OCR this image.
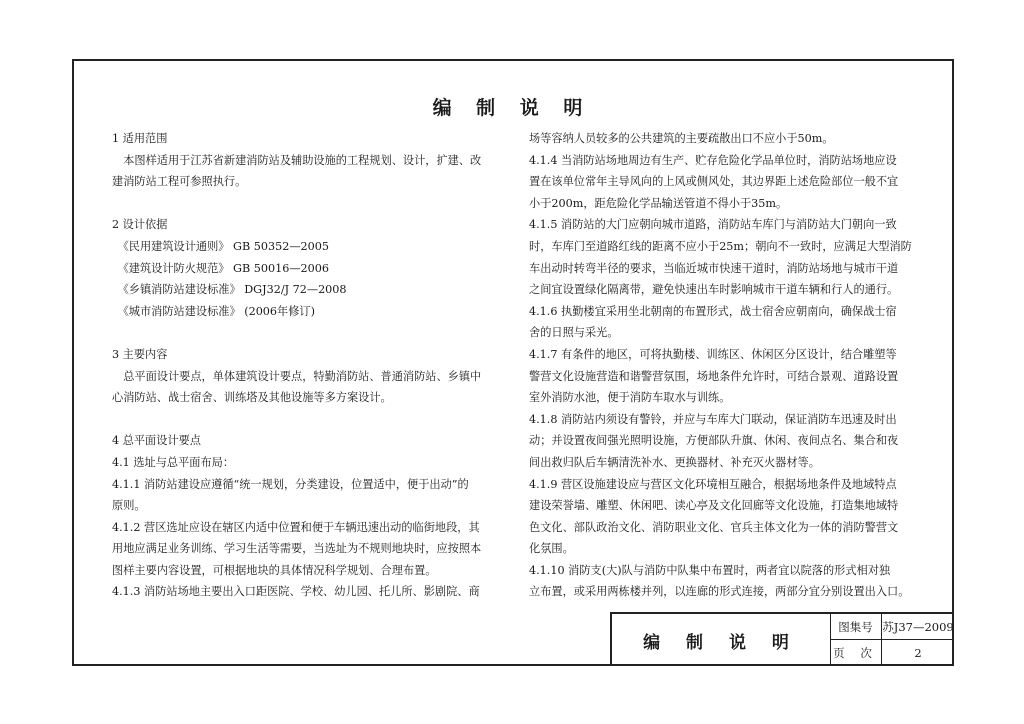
编 制 说 明

1 适用范围

　本图样适用于江苏省新建消防站及辅助设施的工程规划、设计，扩建、改

建消防站工程可参照执行。

2 设计依据

　《民用建筑设计通则》 GB 50352—2005

　《建筑设计防火规范》 GB 50016—2006

　《乡镇消防站建设标准》 DGJ32/J 72—2008

　《城市消防站建设标准》 (2006年修订)

3 主要内容

　总平面设计要点，单体建筑设计要点，特勤消防站、普通消防站、乡镇中

心消防站、战士宿舍、训练塔及其他设施等多方案设计。

4 总平面设计要点

4.1 选址与总平面布局：

4.1.1 消防站建设应遵循“统一规划，分类建设，位置适中，便于出动”的

原则。

4.1.2 营区选址应设在辖区内适中位置和便于车辆迅速出动的临街地段，其

用地应满足业务训练、学习生活等需要，当选址为不规则地块时，应按照本

图样主要内容设置，可根据地块的具体情况科学规划、合理布置。

4.1.3 消防站场地主要出入口距医院、学校、幼儿园、托儿所、影剧院、商

场等容纳人员较多的公共建筑的主要疏散出口不应小于50m。

4.1.4 当消防站场地周边有生产、贮存危险化学品单位时，消防站场地应设

置在该单位常年主导风向的上风或侧风处，其边界距上述危险部位一般不宜

小于200m，距危险化学品输送管道不得小于35m。

4.1.5 消防站的大门应朝向城市道路，消防站车库门与消防站大门朝向一致

时，车库门至道路红线的距离不应小于25m；朝向不一致时，应满足大型消防

车出动时转弯半径的要求，当临近城市快速干道时，消防站场地与城市干道

之间宜设置绿化隔离带，避免快速出车时影响城市干道车辆和行人的通行。

4.1.6 执勤楼宜采用坐北朝南的布置形式，战士宿舍应朝南向，确保战士宿

舍的日照与采光。

4.1.7 有条件的地区，可将执勤楼、训练区、休闲区分区设计，结合雕塑等

警营文化设施营造和谐警营氛围，场地条件允许时，可结合景观、道路设置

室外消防水池，便于消防车取水与训练。

4.1.8 消防站内须设有警铃，并应与车库大门联动，保证消防车迅速及时出

动；并设置夜间强光照明设施，方便部队升旗、休闲、夜间点名、集合和夜

间出救归队后车辆清洗补水、更换器材、补充灭火器材等。

4.1.9 营区设施建设应与营区文化环境相互融合，根据场地条件及地域特点

建设荣誉墙、雕塑、休闲吧、读心亭及文化回廊等文化设施，打造集地域特

色文化、部队政治文化、消防职业文化、官兵主体文化为一体的消防警营文

化氛围。

4.1.10 消防支(大)队与消防中队集中布置时，两者宜以院落的形式相对独

立布置，或采用两栋楼并列，以连廊的形式连接，两部分宜分别设置出入口。

编 制 说 明
图集号 苏J37—2009
页 次	2
